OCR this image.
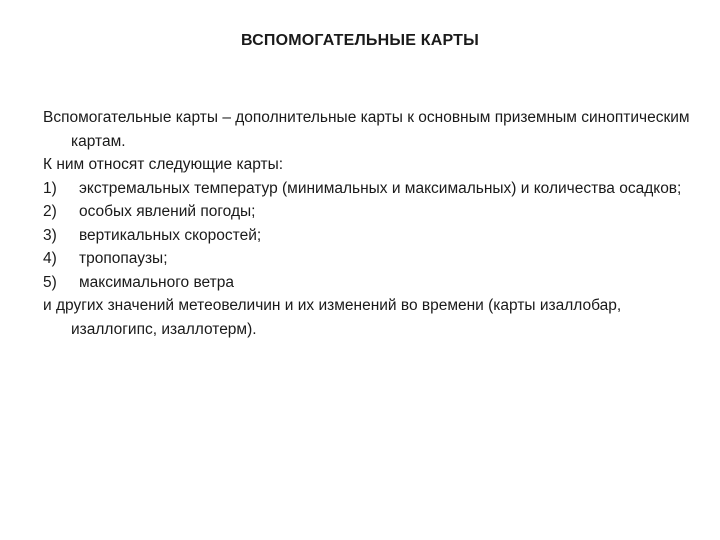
ВСПОМОГАТЕЛЬНЫЕ КАРТЫ
Вспомогательные карты – дополнительные карты к основным приземным синоптическим картам.
К ним относят следующие карты:
1) экстремальных температур (минимальных и максимальных) и количества осадков;
2) особых явлений погоды;
3) вертикальных скоростей;
4) тропопаузы;
5) максимального ветра
и других значений метеовеличин и их изменений во времени (карты изаллобар, изаллогипс, изаллотерм).
